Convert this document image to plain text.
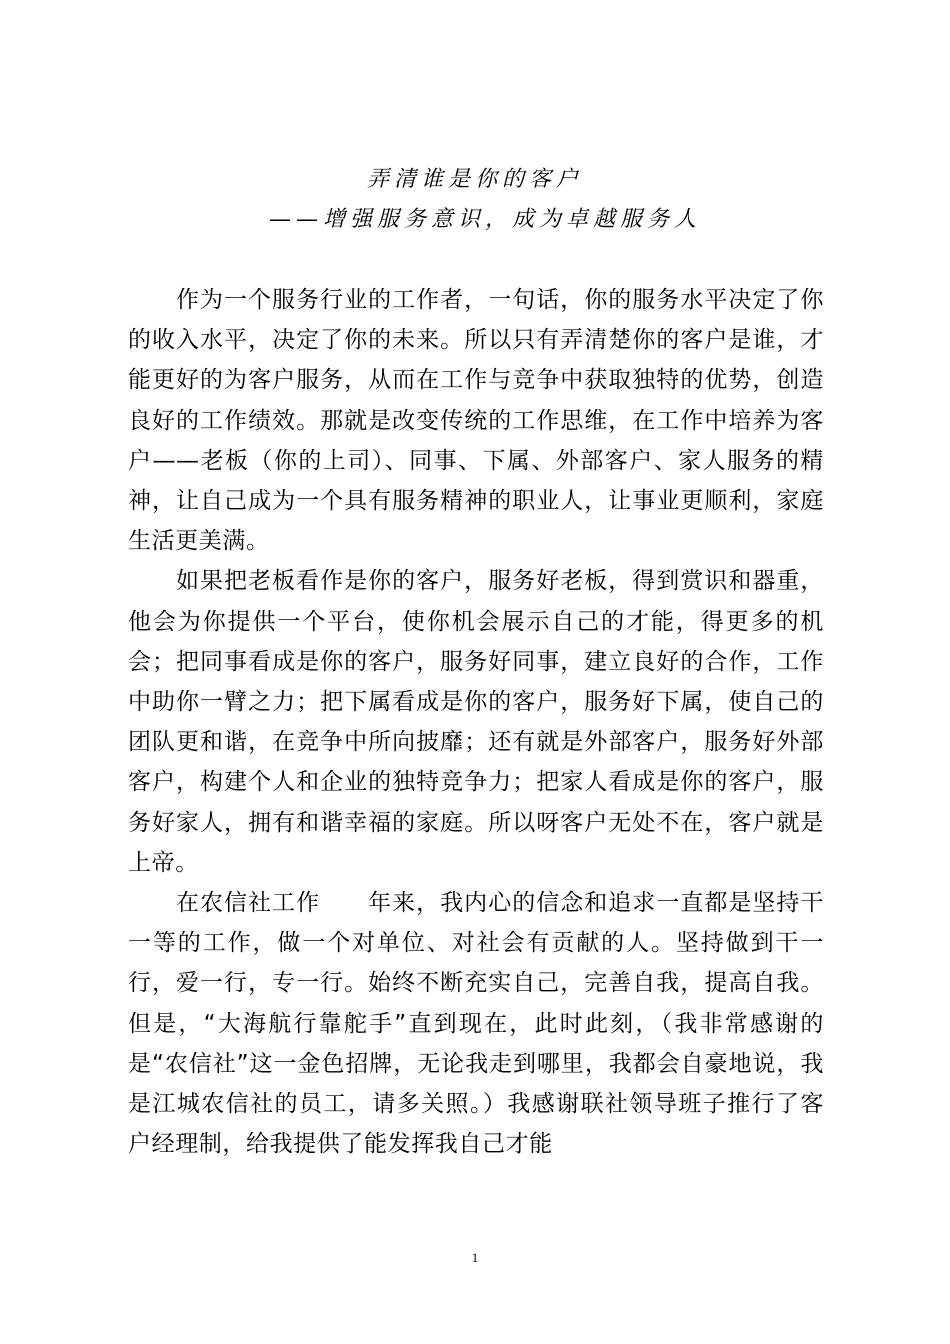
弄清谁是你的客户

——增强服务意识，成为卓越服务人

作为一个服务行业的工作者，一句话，你的服务水平决定了你的收入水平，决定了你的未来。所以只有弄清楚你的客户是谁，才能更好的为客户服务，从而在工作与竞争中获取独特的优势，创造良好的工作绩效。那就是改变传统的工作思维，在工作中培养为客户——老板（你的上司）、同事、下属、外部客户、家人服务的精神，让自己成为一个具有服务精神的职业人，让事业更顺利，家庭生活更美满。

如果把老板看作是你的客户，服务好老板，得到赏识和器重，他会为你提供一个平台，使你机会展示自己的才能，得更多的机会；把同事看成是你的客户，服务好同事，建立良好的合作，工作中助你一臂之力；把下属看成是你的客户，服务好下属，使自己的团队更和谐，在竞争中所向披靡；还有就是外部客户，服务好外部客户，构建个人和企业的独特竞争力；把家人看成是你的客户，服务好家人，拥有和谐幸福的家庭。所以呀客户无处不在，客户就是上帝。

在农信社工作　　年来，我内心的信念和追求一直都是坚持干一等的工作，做一个对单位、对社会有贡献的人。坚持做到干一行，爱一行，专一行。始终不断充实自己，完善自我，提高自我。但是，“大海航行靠舵手”直到现在，此时此刻，（我非常感谢的是“农信社”这一金色招牌，无论我走到哪里，我都会自豪地说，我是江城农信社的员工，请多关照。）我感谢联社领导班子推行了客户经理制，给我提供了能发挥我自己才能

1
